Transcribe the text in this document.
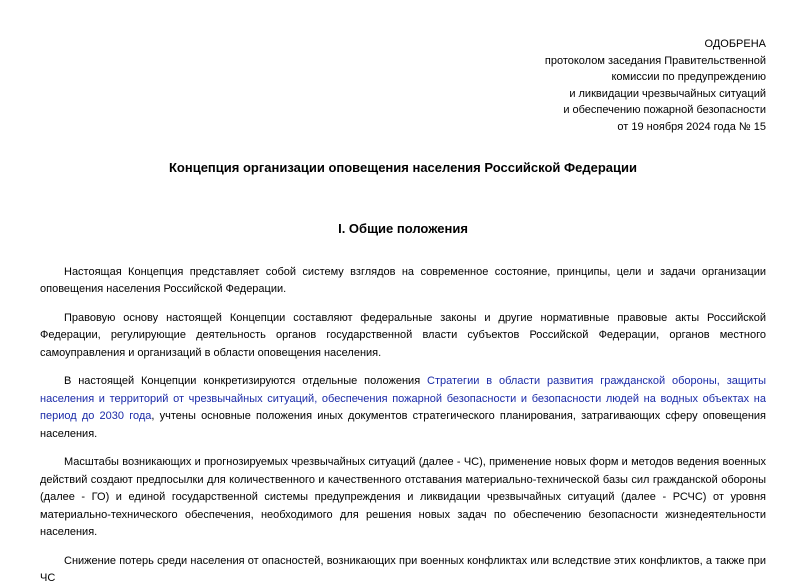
ОДОБРЕНА
протоколом заседания Правительственной
комиссии по предупреждению
и ликвидации чрезвычайных ситуаций
и обеспечению пожарной безопасности
от 19 ноября 2024 года № 15
Концепция организации оповещения населения Российской Федерации
I. Общие положения

Настоящая Концепция представляет собой систему взглядов на современное состояние, принципы, цели и задачи организации оповещения населения Российской Федерации.

Правовую основу настоящей Концепции составляют федеральные законы и другие нормативные правовые акты Российской Федерации, регулирующие деятельность органов государственной власти субъектов Российской Федерации, органов местного самоуправления и организаций в области оповещения населения.

В настоящей Концепции конкретизируются отдельные положения Стратегии в области развития гражданской обороны, защиты населения и территорий от чрезвычайных ситуаций, обеспечения пожарной безопасности и безопасности людей на водных объектах на период до 2030 года, учтены основные положения иных документов стратегического планирования, затрагивающих сферу оповещения населения.

Масштабы возникающих и прогнозируемых чрезвычайных ситуаций (далее - ЧС), применение новых форм и методов ведения военных действий создают предпосылки для количественного и качественного отставания материально-технической базы сил гражданской обороны (далее - ГО) и единой государственной системы предупреждения и ликвидации чрезвычайных ситуаций (далее - РСЧС) от уровня материально-технического обеспечения, необходимого для решения новых задач по обеспечению безопасности жизнедеятельности населения.

Снижение потерь среди населения от опасностей, возникающих при военных конфликтах или вследствие этих конфликтов, а также при ЧС
